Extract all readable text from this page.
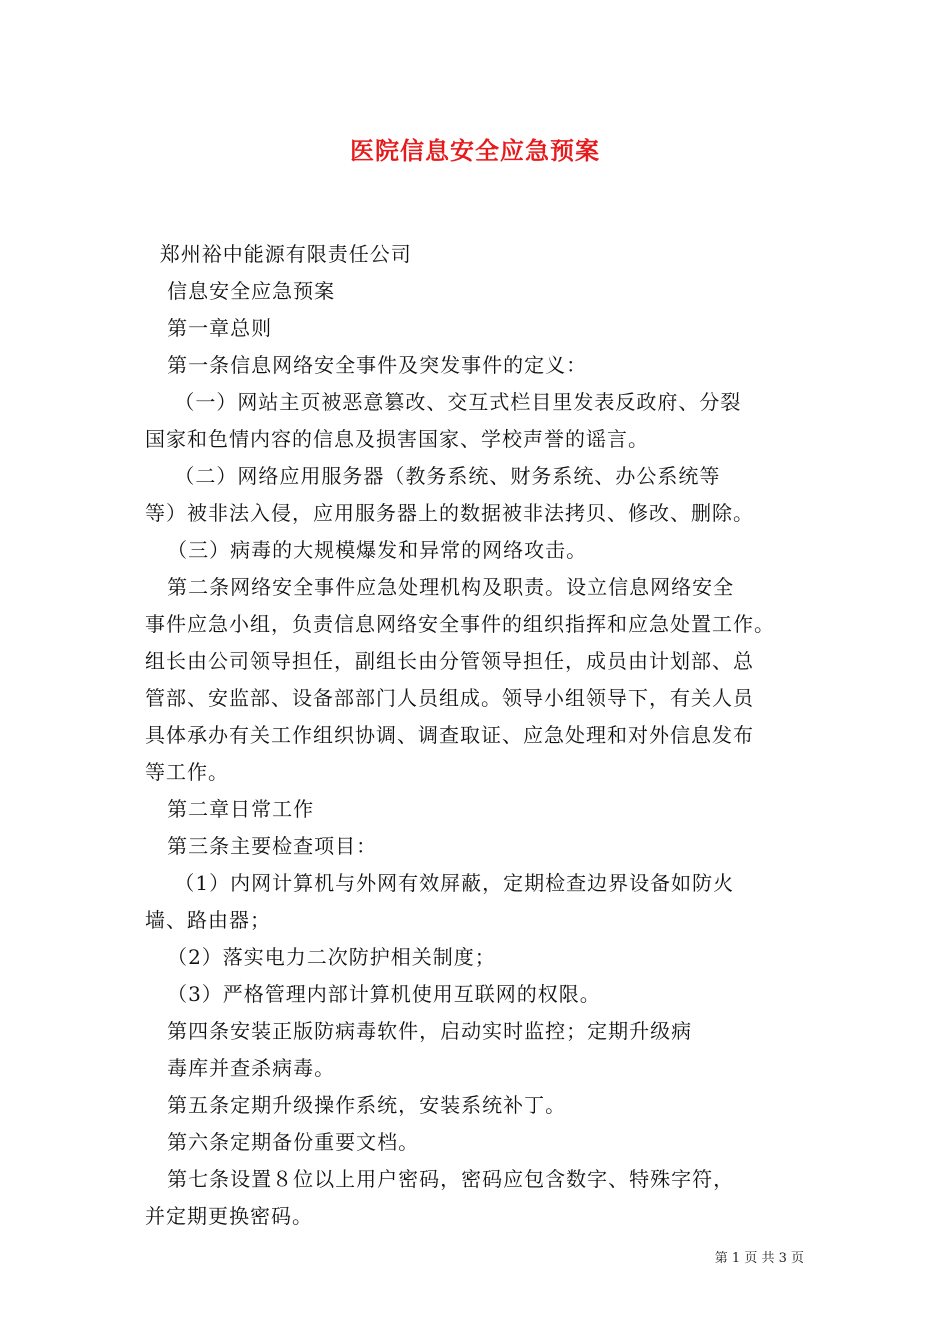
医院信息安全应急预案
郑州裕中能源有限责任公司
信息安全应急预案
第一章总则
第一条信息网络安全事件及突发事件的定义：
（一）网站主页被恶意篡改、交互式栏目里发表反政府、分裂
国家和色情内容的信息及损害国家、学校声誉的谣言。
（二）网络应用服务器（教务系统、财务系统、办公系统等
等）被非法入侵，应用服务器上的数据被非法拷贝、修改、删除。
（三）病毒的大规模爆发和异常的网络攻击。
第二条网络安全事件应急处理机构及职责。设立信息网络安全
事件应急小组，负责信息网络安全事件的组织指挥和应急处置工作。
组长由公司领导担任，副组长由分管领导担任，成员由计划部、总
管部、安监部、设备部部门人员组成。领导小组领导下，有关人员
具体承办有关工作组织协调、调查取证、应急处理和对外信息发布
等工作。
第二章日常工作
第三条主要检查项目：
（1）内网计算机与外网有效屏蔽，定期检查边界设备如防火
墙、路由器；
（2）落实电力二次防护相关制度；
（3）严格管理内部计算机使用互联网的权限。
第四条安装正版防病毒软件，启动实时监控；定期升级病
毒库并查杀病毒。
第五条定期升级操作系统，安装系统补丁。
第六条定期备份重要文档。
第七条设置８位以上用户密码，密码应包含数字、特殊字符，
并定期更换密码。
第 1 页 共 3 页
